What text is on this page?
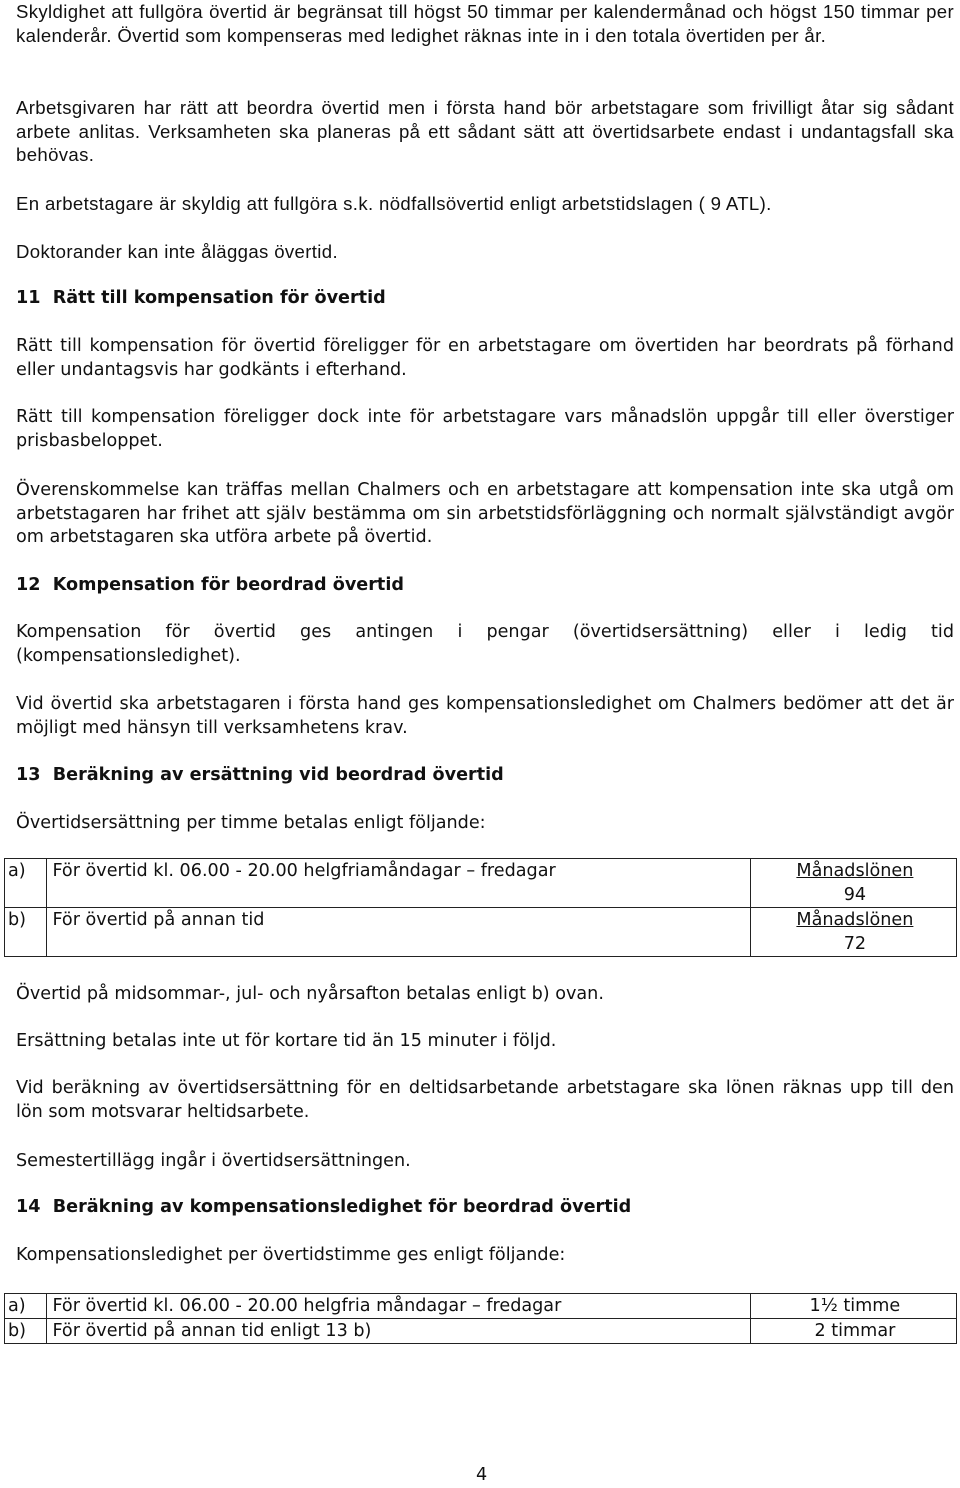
Skyldighet att fullgöra övertid är begränsat till högst 50 timmar per kalendermånad och högst 150 timmar per kalenderår. Övertid som kompenseras med ledighet räknas inte in i den totala övertiden per år.

Arbetsgivaren har rätt att beordra övertid men i första hand bör arbetstagare som frivilligt åtar sig sådant arbete anlitas. Verksamheten ska planeras på ett sådant sätt att övertidsarbete endast i undantagsfall ska behövas.

En arbetstagare är skyldig att fullgöra s.k. nödfallsövertid enligt arbetstidslagen ( 9 ATL).

Doktorander kan inte åläggas övertid.

11  Rätt till kompensation för övertid

Rätt till kompensation för övertid föreligger för en arbetstagare om övertiden har beordrats på förhand eller undantagsvis har godkänts i efterhand.

Rätt till kompensation föreligger dock inte för arbetstagare vars månadslön uppgår till eller överstiger prisbasbeloppet.

Överenskommelse kan träffas mellan Chalmers och en arbetstagare att kompensation inte ska utgå om arbetstagaren har frihet att själv bestämma om sin arbetstidsförläggning och normalt självständigt avgör om arbetstagaren ska utföra arbete på övertid.

12  Kompensation för beordrad övertid

Kompensation för övertid ges antingen i pengar (övertidsersättning) eller i ledig tid (kompensationsledighet).

Vid övertid ska arbetstagaren i första hand ges kompensationsledighet om Chalmers bedömer att det är möjligt med hänsyn till verksamhetens krav.

13  Beräkning av ersättning vid beordrad övertid

Övertidsersättning per timme betalas enligt följande:

a)	För övertid kl. 06.00 - 20.00 helgfriamåndagar – fredagar	Månadslönen
94

b)	För övertid på annan tid	Månadslönen
72

Övertid på midsommar-, jul- och nyårsafton betalas enligt b) ovan.

Ersättning betalas inte ut för kortare tid än 15 minuter i följd.

Vid beräkning av övertidsersättning för en deltidsarbetande arbetstagare ska lönen räknas upp till den lön som motsvarar heltidsarbete.

Semestertillägg ingår i övertidsersättningen.

14  Beräkning av kompensationsledighet för beordrad övertid

Kompensationsledighet per övertidstimme ges enligt följande:

a)	För övertid kl. 06.00 - 20.00 helgfria måndagar – fredagar	1½ timme
b)	För övertid på annan tid enligt 13 b)	2 timmar

4
